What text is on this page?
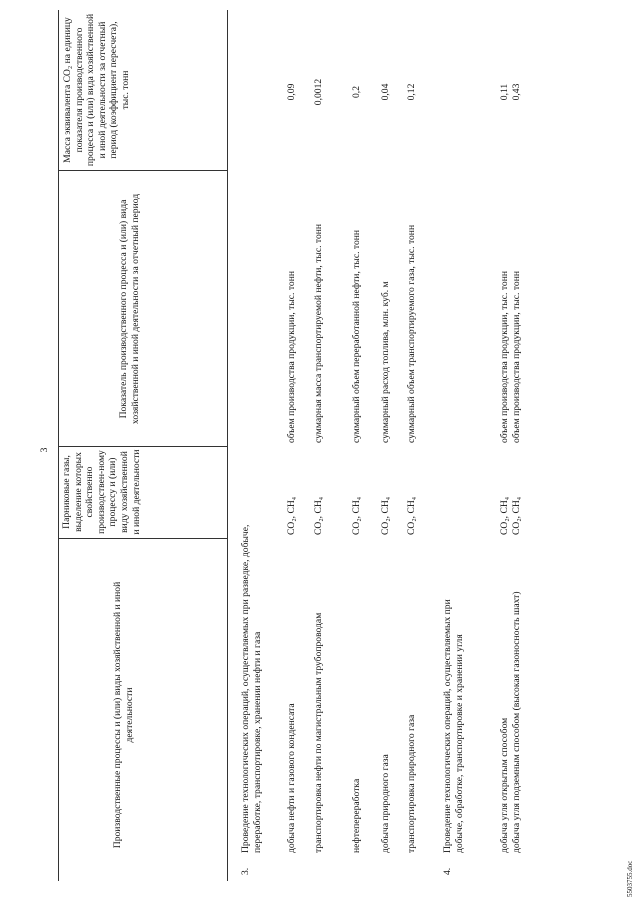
3
Производственные процессы и (или) виды хозяйственной и иной деятельности
Парниковые газы, выделение которых свойственно производствен-ному процессу и (или) виду хозяйственной и иной деятельности
Показатель производственного процесса и (или) вида хозяйственной и иной деятельности за отчетный период
Масса эквивалента CO₂ на единицу показателя производственного процесса и (или) вида хозяйственной и иной деятельности за отчетный период (коэффициент пересчета), тыс. тонн
3.
Проведение технологических операций, осуществляемых при разведке, добыче, переработке, транспортировке, хранении нефти и газа добыча нефти и газового конденсата
CO₂, CH₄
объем производства продукции, тыс. тонн
0,09
транспортировка нефти по магистральным трубопроводам
CO₂, CH₄
суммарная масса транспортируемой нефти, тыс. тонн
0,0012
нефтепереработка
CO₂, CH₄
суммарный объем переработанной нефти, тыс. тонн
0,2
добыча природного газа
CO₂, CH₄
суммарный расход топлива, млн. куб. м
0,04
транспортировка природного газа
CO₂, CH₄
суммарный объем транспортируемого газа, тыс. тонн
0,12
4.
Проведение технологических операций, осуществляемых при добыче, обработке, транспортировке и хранении угля	добыча угля открытым способом
CO₂, CH₄
объем производства продукции, тыс. тонн
0,11
добыча угля подземным способом (высокая газоносность шахт)
CO₂, CH₄
объем производства продукции, тыс. тонн
0,43
5503755.doc
